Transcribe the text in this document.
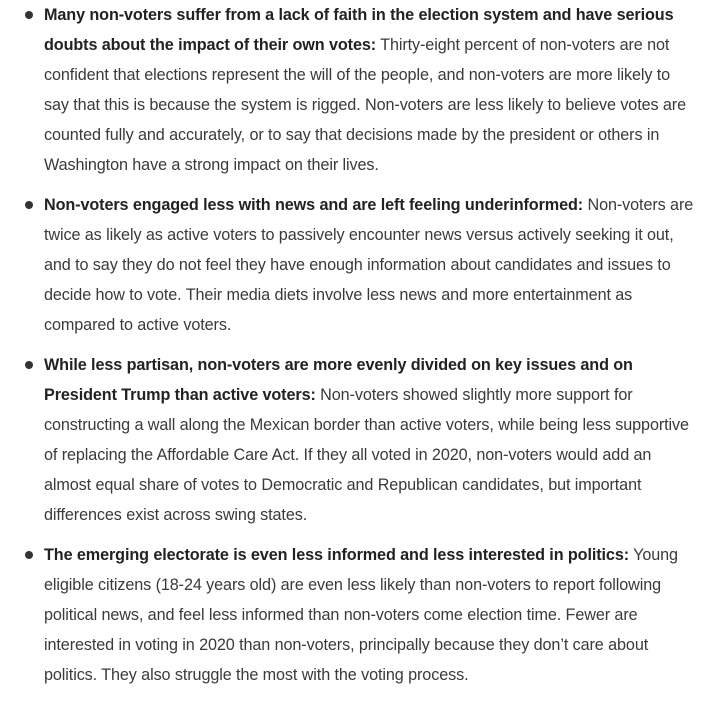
Many non-voters suffer from a lack of faith in the election system and have serious doubts about the impact of their own votes: Thirty-eight percent of non-voters are not confident that elections represent the will of the people, and non-voters are more likely to say that this is because the system is rigged. Non-voters are less likely to believe votes are counted fully and accurately, or to say that decisions made by the president or others in Washington have a strong impact on their lives.
Non-voters engaged less with news and are left feeling underinformed: Non-voters are twice as likely as active voters to passively encounter news versus actively seeking it out, and to say they do not feel they have enough information about candidates and issues to decide how to vote. Their media diets involve less news and more entertainment as compared to active voters.
While less partisan, non-voters are more evenly divided on key issues and on President Trump than active voters: Non-voters showed slightly more support for constructing a wall along the Mexican border than active voters, while being less supportive of replacing the Affordable Care Act. If they all voted in 2020, non-voters would add an almost equal share of votes to Democratic and Republican candidates, but important differences exist across swing states.
The emerging electorate is even less informed and less interested in politics: Young eligible citizens (18-24 years old) are even less likely than non-voters to report following political news, and feel less informed than non-voters come election time. Fewer are interested in voting in 2020 than non-voters, principally because they don’t care about politics. They also struggle the most with the voting process.
